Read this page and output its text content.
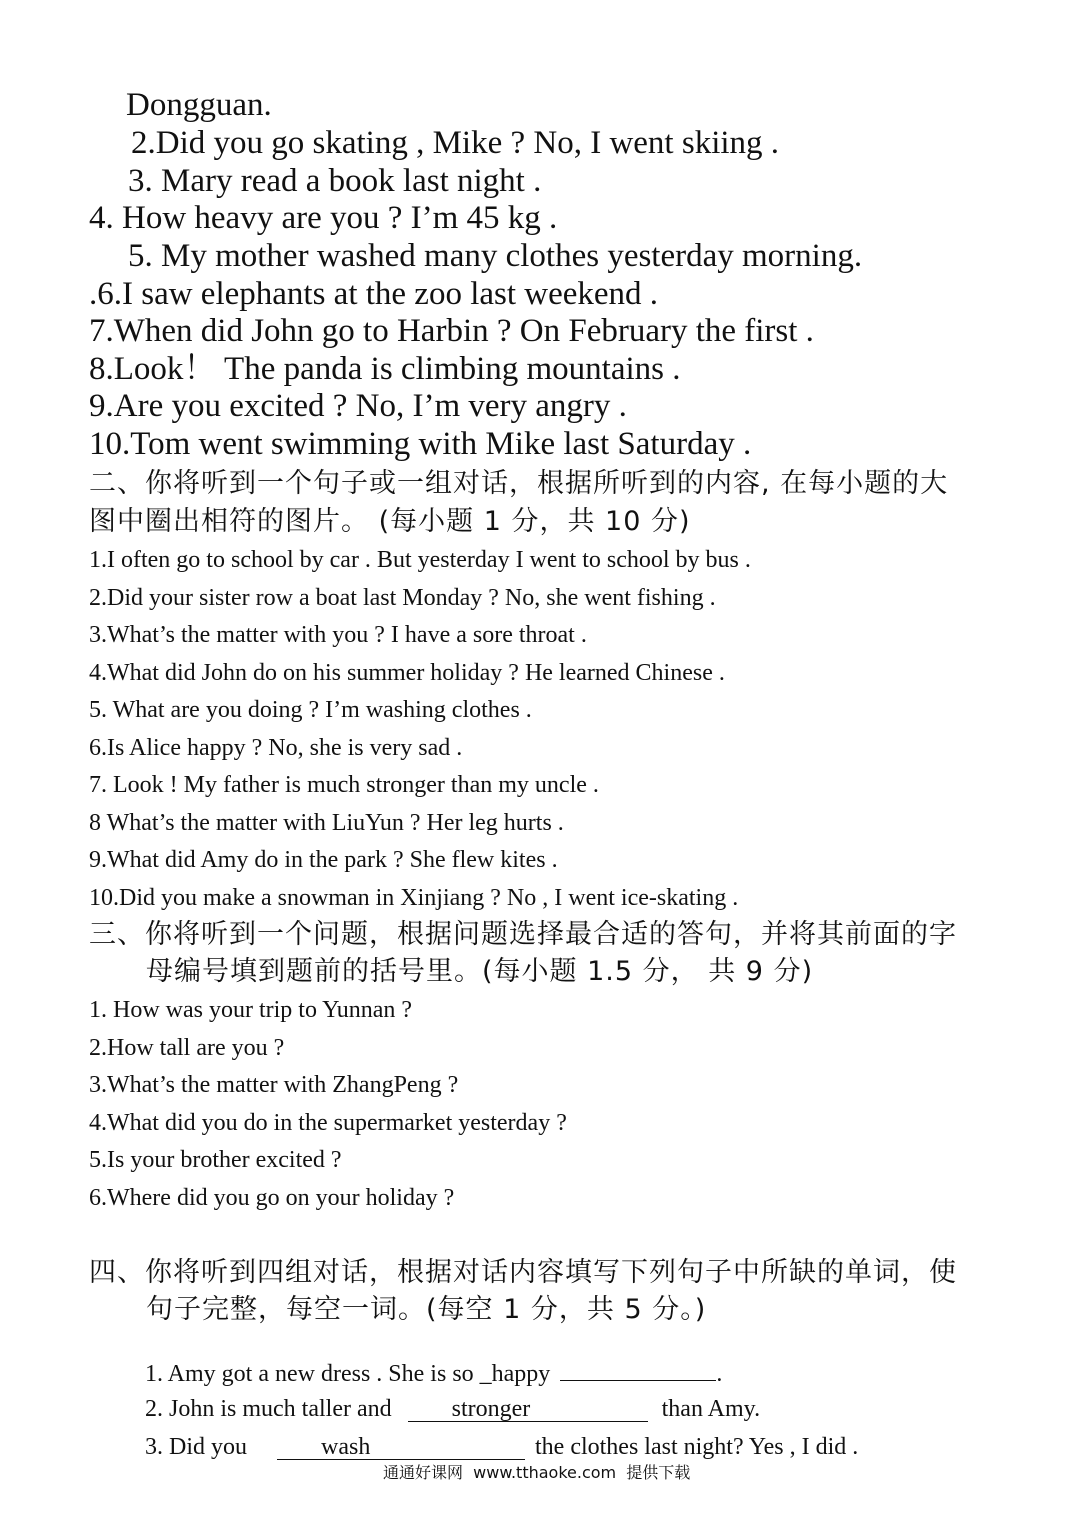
Dongguan.
2.Did you go skating , Mike ? No, I went skiing .
3. Mary read a book last night .
4. How heavy are you ? I’m 45 kg .
5. My mother washed many clothes yesterday morning.
.6.I saw elephants at the zoo last weekend .
7.When did John go to Harbin ? On February the first .
8.Look！ The panda is climbing mountains .
9.Are you excited ? No, I’m very angry .
10.Tom went swimming with Mike last Saturday .
二、你将听到一个句子或一组对话，根据所听到的内容, 在每小题的大
图中圈出相符的图片。 (每小题 1 分，共 10 分)
1.I often go to school by car . But yesterday I went to school by bus .
2.Did your sister row a boat last Monday ? No, she went fishing .
3.What’s the matter with you ? I have a sore throat .
4.What did John do on his summer holiday ? He learned Chinese .
5. What are you doing ? I’m washing clothes .
6.Is Alice happy ? No, she is very sad .
7. Look ! My father is much stronger than my uncle .
8 What’s the matter with LiuYun ? Her leg hurts .
9.What did Amy do in the park ? She flew kites .
10.Did you make a snowman in Xinjiang ? No , I went ice-skating .
三、你将听到一个问题，根据问题选择最合适的答句，并将其前面的字
母编号填到题前的括号里。(每小题 1.5 分， 共 9 分)
1. How was your trip to Yunnan ?
2.How tall are you ?
3.What’s the matter with ZhangPeng ?
4.What did you do in the supermarket yesterday ?
5.Is your brother excited ?
6.Where did you go on your holiday ?
四、你将听到四组对话，根据对话内容填写下列句子中所缺的单词，使
句子完整，每空一词。(每空 1 分，共 5 分。)

1. Amy got a new dress . She is so _happy	.

2. John is much taller and	stronger	than Amy.

3. Did you	wash	the clothes last night? Yes , I did .

通通好课网  www.tthaoke.com  提供下载
